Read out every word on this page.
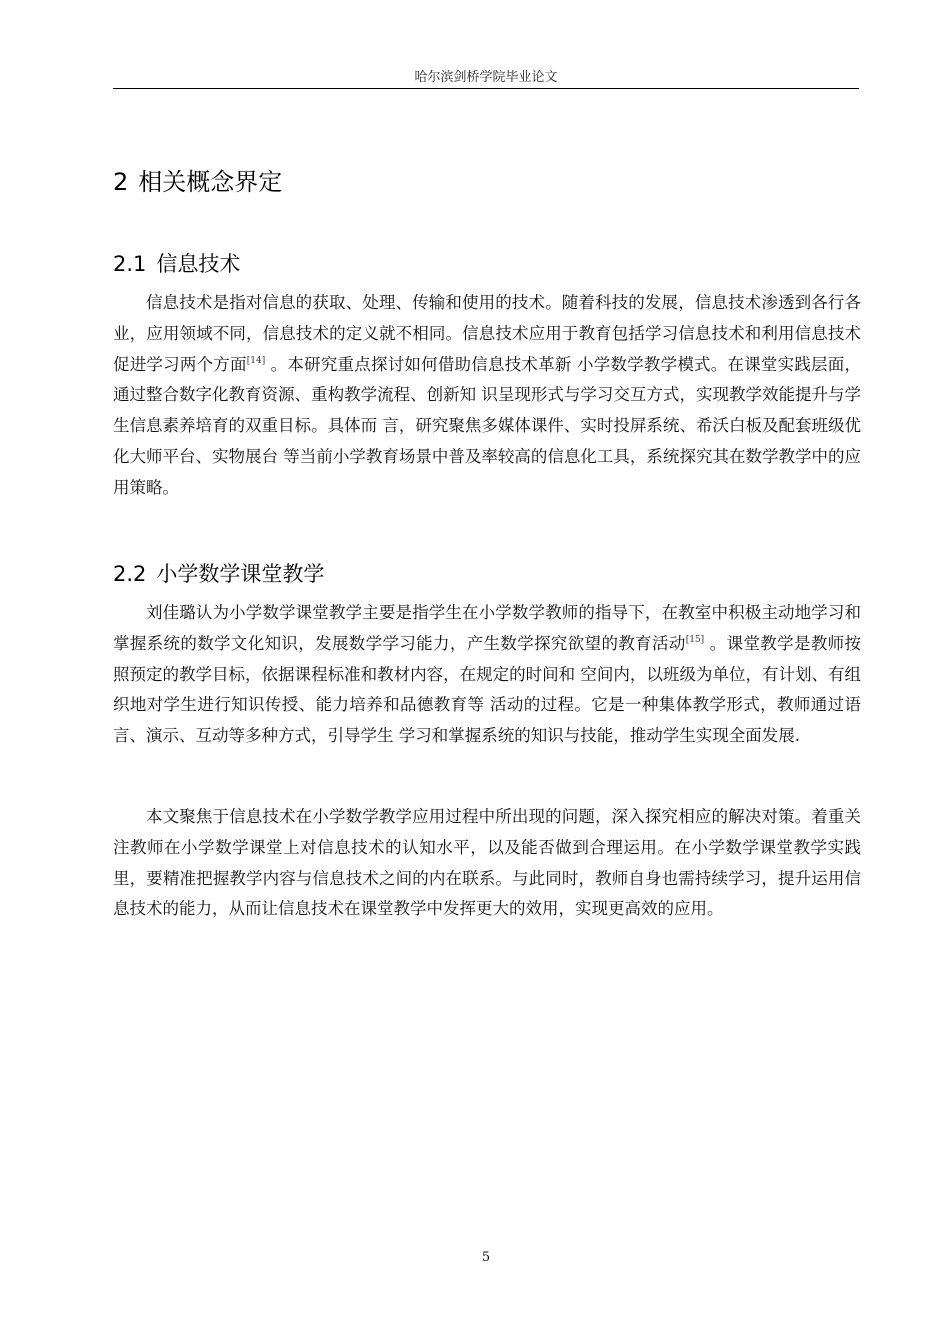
哈尔滨剑桥学院毕业论文
2 相关概念界定
2.1 信息技术

信息技术是指对信息的获取、处理、传输和使用的技术。随着科技的发展，信息技术渗透到各行各业，应用领域不同，信息技术的定义就不相同。信息技术应用于教育包括学习信息技术和利用信息技术促进学习两个方面[14] 。本研究重点探讨如何借助信息技术革新 小学数学教学模式。在课堂实践层面，通过整合数字化教育资源、重构教学流程、创新知 识呈现形式与学习交互方式，实现教学效能提升与学生信息素养培育的双重目标。具体而 言，研究聚焦多媒体课件、实时投屏系统、希沃白板及配套班级优化大师平台、实物展台 等当前小学教育场景中普及率较高的信息化工具，系统探究其在数学教学中的应用策略。

2.2 小学数学课堂教学

刘佳璐认为小学数学课堂教学主要是指学生在小学数学教师的指导下，在教室中积极主动地学习和掌握系统的数学文化知识，发展数学学习能力，产生数学探究欲望的教育活动[15] 。课堂教学是教师按照预定的教学目标，依据课程标准和教材内容，在规定的时间和 空间内，以班级为单位，有计划、有组织地对学生进行知识传授、能力培养和品德教育等 活动的过程。它是一种集体教学形式，教师通过语言、演示、互动等多种方式，引导学生 学习和掌握系统的知识与技能，推动学生实现全面发展.

本文聚焦于信息技术在小学数学教学应用过程中所出现的问题，深入探究相应的解决对策。着重关注教师在小学数学课堂上对信息技术的认知水平，以及能否做到合理运用。在小学数学课堂教学实践里，要精准把握教学内容与信息技术之间的内在联系。与此同时，教师自身也需持续学习，提升运用信息技术的能力，从而让信息技术在课堂教学中发挥更大的效用，实现更高效的应用。

5
